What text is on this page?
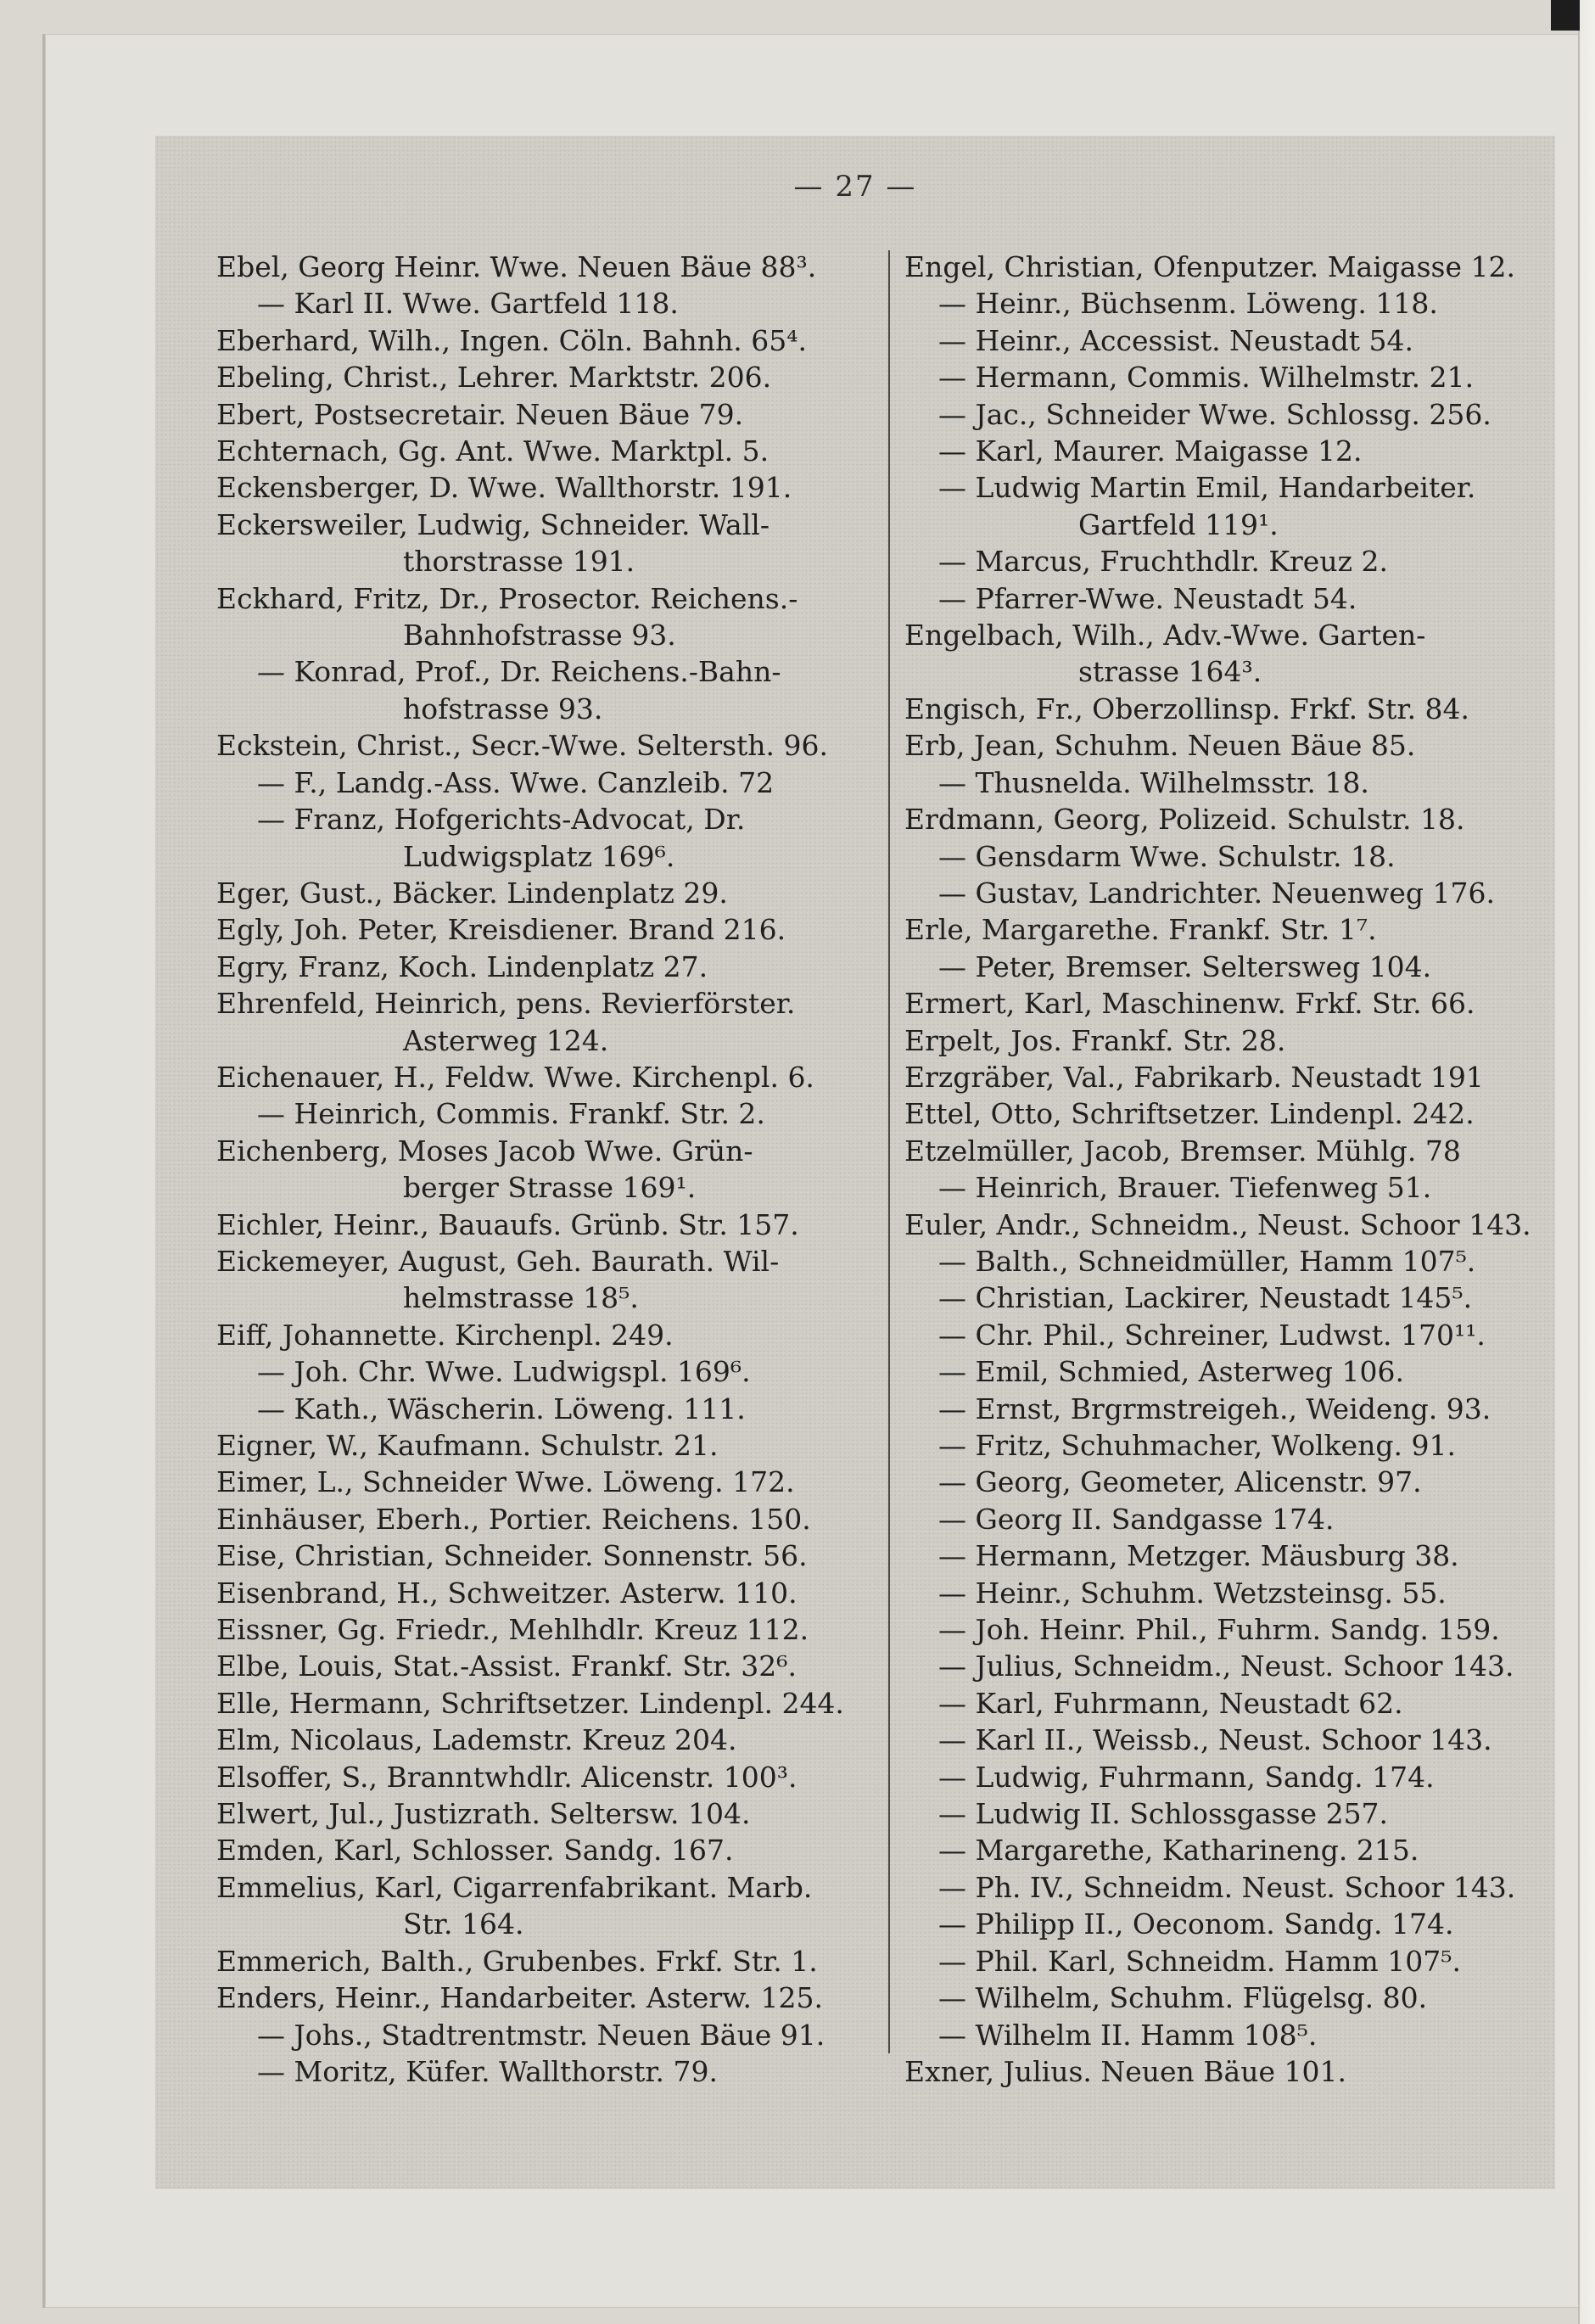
— 27 —
Ebel, Georg Heinr. Wwe. Neuen Bäue 88³.
— Karl II. Wwe. Gartfeld 118.
Eberhard, Wilh., Ingen. Cöln. Bahnh. 65⁴.
Ebeling, Christ., Lehrer. Marktstr. 206.
Ebert, Postsecretair. Neuen Bäue 79.
Echternach, Gg. Ant. Wwe. Marktpl. 5.
Eckensberger, D. Wwe. Wallthorstr. 191.
Eckersweiler, Ludwig, Schneider. Wall-
thorstrasse 191.
Eckhard, Fritz, Dr., Prosector. Reichens.-
Bahnhofstrasse 93.
— Konrad, Prof., Dr. Reichens.-Bahn-
hofstrasse 93.
Eckstein, Christ., Secr.-Wwe. Seltersth. 96.
— F., Landg.-Ass. Wwe. Canzleib. 72
— Franz, Hofgerichts-Advocat, Dr.
Ludwigsplatz 169⁶.
Eger, Gust., Bäcker. Lindenplatz 29.
Egly, Joh. Peter, Kreisdiener. Brand 216.
Egry, Franz, Koch. Lindenplatz 27.
Ehrenfeld, Heinrich, pens. Revierförster.
Asterweg 124.
Eichenauer, H., Feldw. Wwe. Kirchenpl. 6.
— Heinrich, Commis. Frankf. Str. 2.
Eichenberg, Moses Jacob Wwe. Grün-
berger Strasse 169¹.
Eichler, Heinr., Bauaufs. Grünb. Str. 157.
Eickemeyer, August, Geh. Baurath. Wil-
helmstrasse 18⁵.
Eiff, Johannette. Kirchenpl. 249.
— Joh. Chr. Wwe. Ludwigspl. 169⁶.
— Kath., Wäscherin. Löweng. 111.
Eigner, W., Kaufmann. Schulstr. 21.
Eimer, L., Schneider Wwe. Löweng. 172.
Einhäuser, Eberh., Portier. Reichens. 150.
Eise, Christian, Schneider. Sonnenstr. 56.
Eisenbrand, H., Schweitzer. Asterw. 110.
Eissner, Gg. Friedr., Mehlhdlr. Kreuz 112.
Elbe, Louis, Stat.-Assist. Frankf. Str. 32⁶.
Elle, Hermann, Schriftsetzer. Lindenpl. 244.
Elm, Nicolaus, Lademstr. Kreuz 204.
Elsoffer, S., Branntwhdlr. Alicenstr. 100³.
Elwert, Jul., Justizrath. Seltersw. 104.
Emden, Karl, Schlosser. Sandg. 167.
Emmelius, Karl, Cigarrenfabrikant. Marb.
Str. 164.
Emmerich, Balth., Grubenbes. Frkf. Str. 1.
Enders, Heinr., Handarbeiter. Asterw. 125.
— Johs., Stadtrentmstr. Neuen Bäue 91.
— Moritz, Küfer. Wallthorstr. 79.
Engel, Christian, Ofenputzer. Maigasse 12.
— Heinr., Büchsenm. Löweng. 118.
— Heinr., Accessist. Neustadt 54.
— Hermann, Commis. Wilhelmstr. 21.
— Jac., Schneider Wwe. Schlossg. 256.
— Karl, Maurer. Maigasse 12.
— Ludwig Martin Emil, Handarbeiter.
Gartfeld 119¹.
— Marcus, Fruchthdlr. Kreuz 2.
— Pfarrer-Wwe. Neustadt 54.
Engelbach, Wilh., Adv.-Wwe. Garten-
strasse 164³.
Engisch, Fr., Oberzollinsp. Frkf. Str. 84.
Erb, Jean, Schuhm. Neuen Bäue 85.
— Thusnelda. Wilhelmsstr. 18.
Erdmann, Georg, Polizeid. Schulstr. 18.
— Gensdarm Wwe. Schulstr. 18.
— Gustav, Landrichter. Neuenweg 176.
Erle, Margarethe. Frankf. Str. 1⁷.
— Peter, Bremser. Seltersweg 104.
Ermert, Karl, Maschinenw. Frkf. Str. 66.
Erpelt, Jos. Frankf. Str. 28.
Erzgräber, Val., Fabrikarb. Neustadt 191
Ettel, Otto, Schriftsetzer. Lindenpl. 242.
Etzelmüller, Jacob, Bremser. Mühlg. 78
— Heinrich, Brauer. Tiefenweg 51.
Euler, Andr., Schneidm., Neust. Schoor 143.
— Balth., Schneidmüller, Hamm 107⁵.
— Christian, Lackirer, Neustadt 145⁵.
— Chr. Phil., Schreiner, Ludwst. 170¹¹.
— Emil, Schmied, Asterweg 106.
— Ernst, Brgrmstreigeh., Weideng. 93.
— Fritz, Schuhmacher, Wolkeng. 91.
— Georg, Geometer, Alicenstr. 97.
— Georg II. Sandgasse 174.
— Hermann, Metzger. Mäusburg 38.
— Heinr., Schuhm. Wetzsteinsg. 55.
— Joh. Heinr. Phil., Fuhrm. Sandg. 159.
— Julius, Schneidm., Neust. Schoor 143.
— Karl, Fuhrmann, Neustadt 62.
— Karl II., Weissb., Neust. Schoor 143.
— Ludwig, Fuhrmann, Sandg. 174.
— Ludwig II. Schlossgasse 257.
— Margarethe, Katharineng. 215.
— Ph. IV., Schneidm. Neust. Schoor 143.
— Philipp II., Oeconom. Sandg. 174.
— Phil. Karl, Schneidm. Hamm 107⁵.
— Wilhelm, Schuhm. Flügelsg. 80.
— Wilhelm II. Hamm 108⁵.
Exner, Julius. Neuen Bäue 101.
